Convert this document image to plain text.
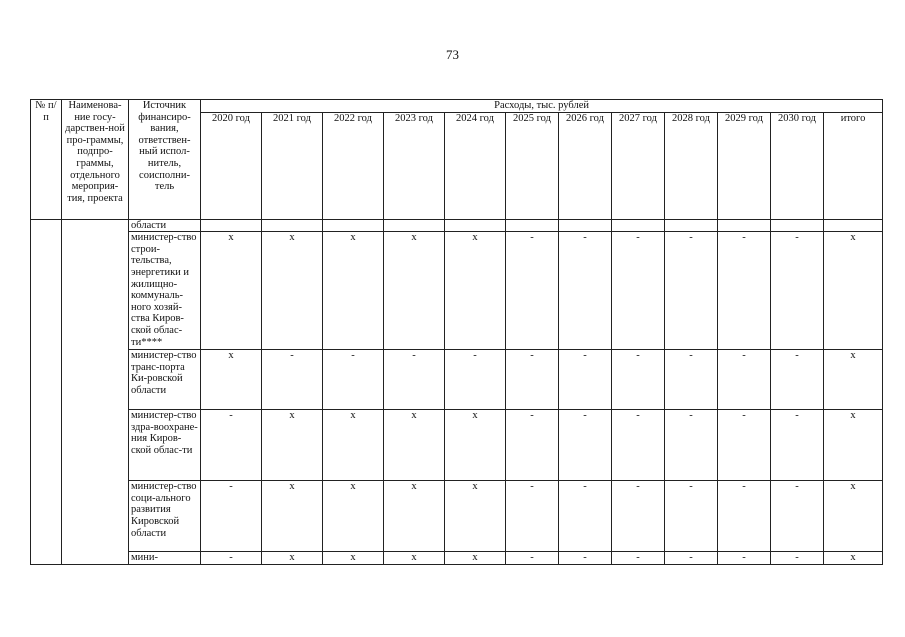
73
№ п/п	Наименова-ние госу-дарствен-ной про-граммы, подпро-граммы, отдельного мероприя-тия, проекта	Источник финансиро-вания, ответствен-ный испол-нитель, соисполни-тель	Расходы, тыс. рублей											
			2020 год	2021 год	2022 год	2023 год	2024 год	2025 год	2026 год	2027 год	2028 год	2029 год	2030 год	итого
		области												
		министер-ство строи-тельства, энергетики и жилищно-коммуналь-ного хозяй-ства Киров-ской облас-ти****	x	x	x	x	x	-	-	-	-	-	-	x
		министер-ство транс-порта Ки-ровской области	x	-	-	-	-	-	-	-	-	-	-	x
		министер-ство здра-воохране-ния Киров-ской облас-ти	-	x	x	x	x	-	-	-	-	-	-	x
		министер-ство соци-ального развития Кировской области	-	x	x	x	x	-	-	-	-	-	-	x
		мини-	-	x	x	x	x	-	-	-	-	-	-	x
